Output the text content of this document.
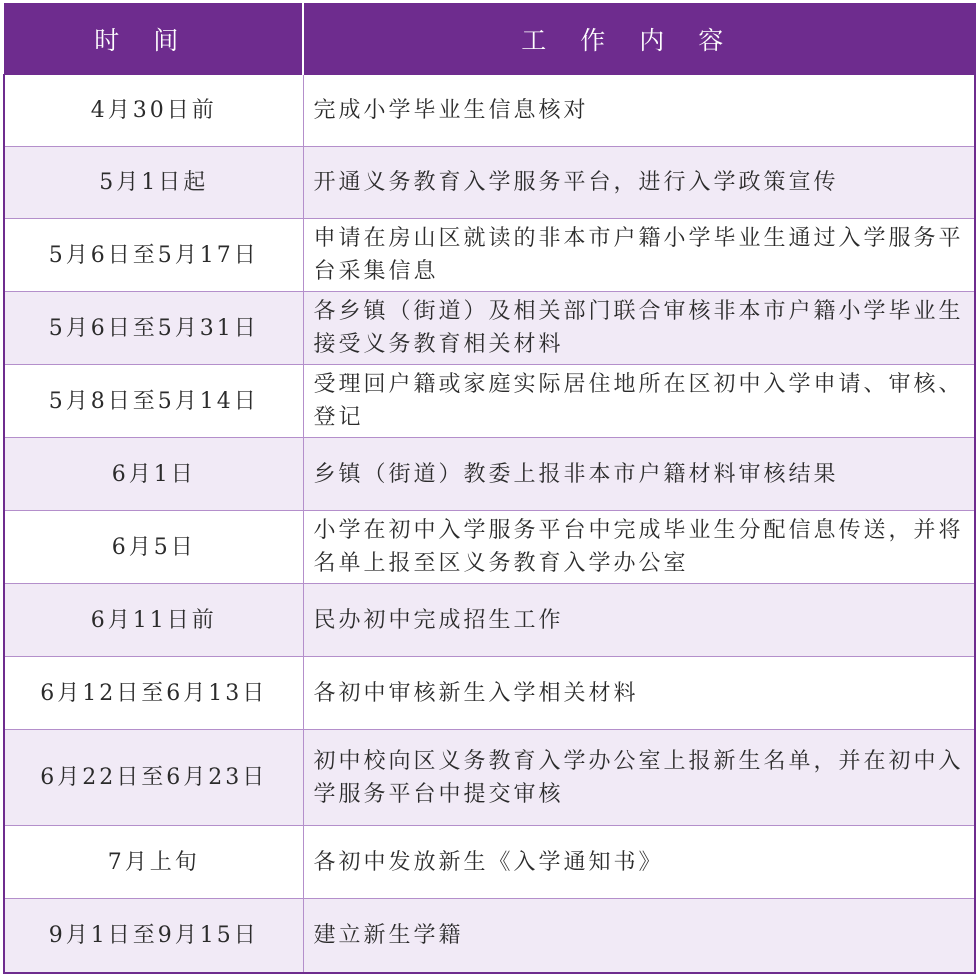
时间	工作内容
4月30日前	完成小学毕业生信息核对
5月1日起	开通义务教育入学服务平台，进行入学政策宣传
5月6日至5月17日	申请在房山区就读的非本市户籍小学毕业生通过入学服务平台采集信息
5月6日至5月31日	各乡镇（街道）及相关部门联合审核非本市户籍小学毕业生接受义务教育相关材料
5月8日至5月14日	受理回户籍或家庭实际居住地所在区初中入学申请、审核、登记
6月1日	乡镇（街道）教委上报非本市户籍材料审核结果
6月5日	小学在初中入学服务平台中完成毕业生分配信息传送，并将名单上报至区义务教育入学办公室
6月11日前	民办初中完成招生工作
6月12日至6月13日	各初中审核新生入学相关材料
6月22日至6月23日	初中校向区义务教育入学办公室上报新生名单，并在初中入学服务平台中提交审核
7月上旬	各初中发放新生《入学通知书》
9月1日至9月15日	建立新生学籍
